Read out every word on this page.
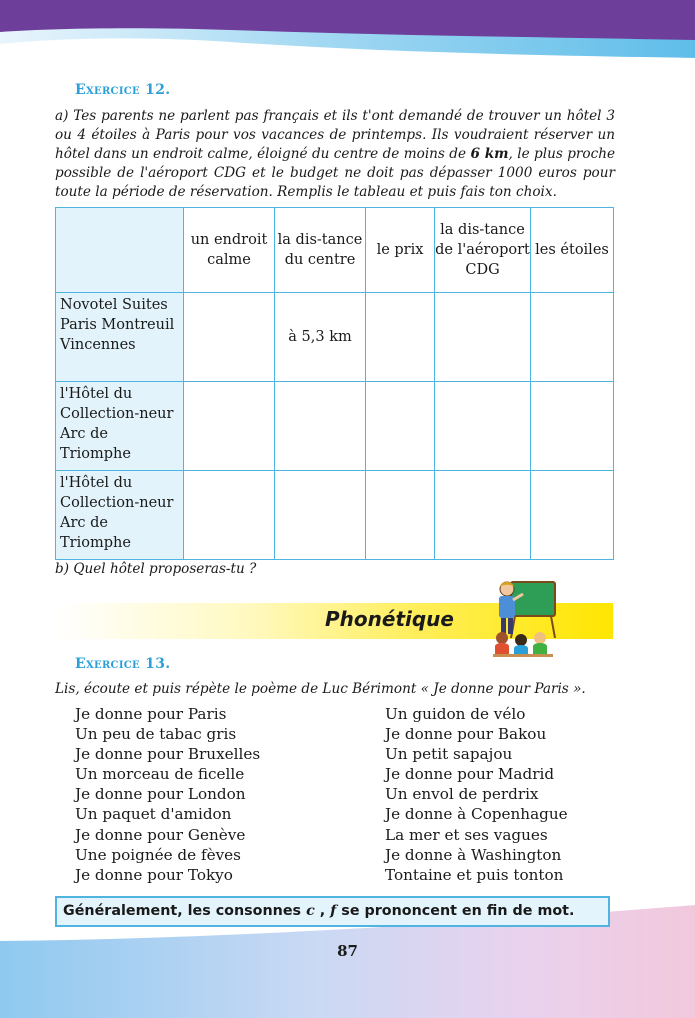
Exercice 12.
a) Tes parents ne parlent pas français et ils t'ont demandé de trouver un hôtel 3 ou 4 étoiles à Paris pour vos vacances de printemps. Ils voudraient réserver un hôtel dans un endroit calme, éloigné du centre de moins de 6 km, le plus proche possible de l'aéroport CDG et le budget ne doit pas dépasser 1000 euros pour toute la période de réservation. Remplis le tableau et puis fais ton choix.
	un endroit calme	la dis-tance du centre	le prix	la dis-tance de l'aéroport CDG	les étoiles
Novotel Suites Paris Montreuil Vincennes		à 5,3 km			
l'Hôtel du Collection-neur Arc de Triomphe					
l'Hôtel du Collection-neur Arc de Triomphe					
b) Quel hôtel proposeras-tu ?
Phonétique
Exercice 13.
Lis, écoute et puis répète le poème de Luc Bérimont « Je donne pour Paris ».
Je donne pour Paris
Un peu de tabac gris
Je donne pour Bruxelles
Un morceau de ficelle
Je donne pour London
Un paquet d'amidon
Je donne pour Genève
Une poignée de fèves
Je donne pour Tokyo
Un guidon de vélo
Je donne pour Bakou
Un petit sapajou
Je donne pour Madrid
Un envol de perdrix
Je donne à Copenhague
La mer et ses vagues
Je donne à Washington
Tontaine et puis tonton
Généralement, les consonnes c , f se prononcent en fin de mot.
87
